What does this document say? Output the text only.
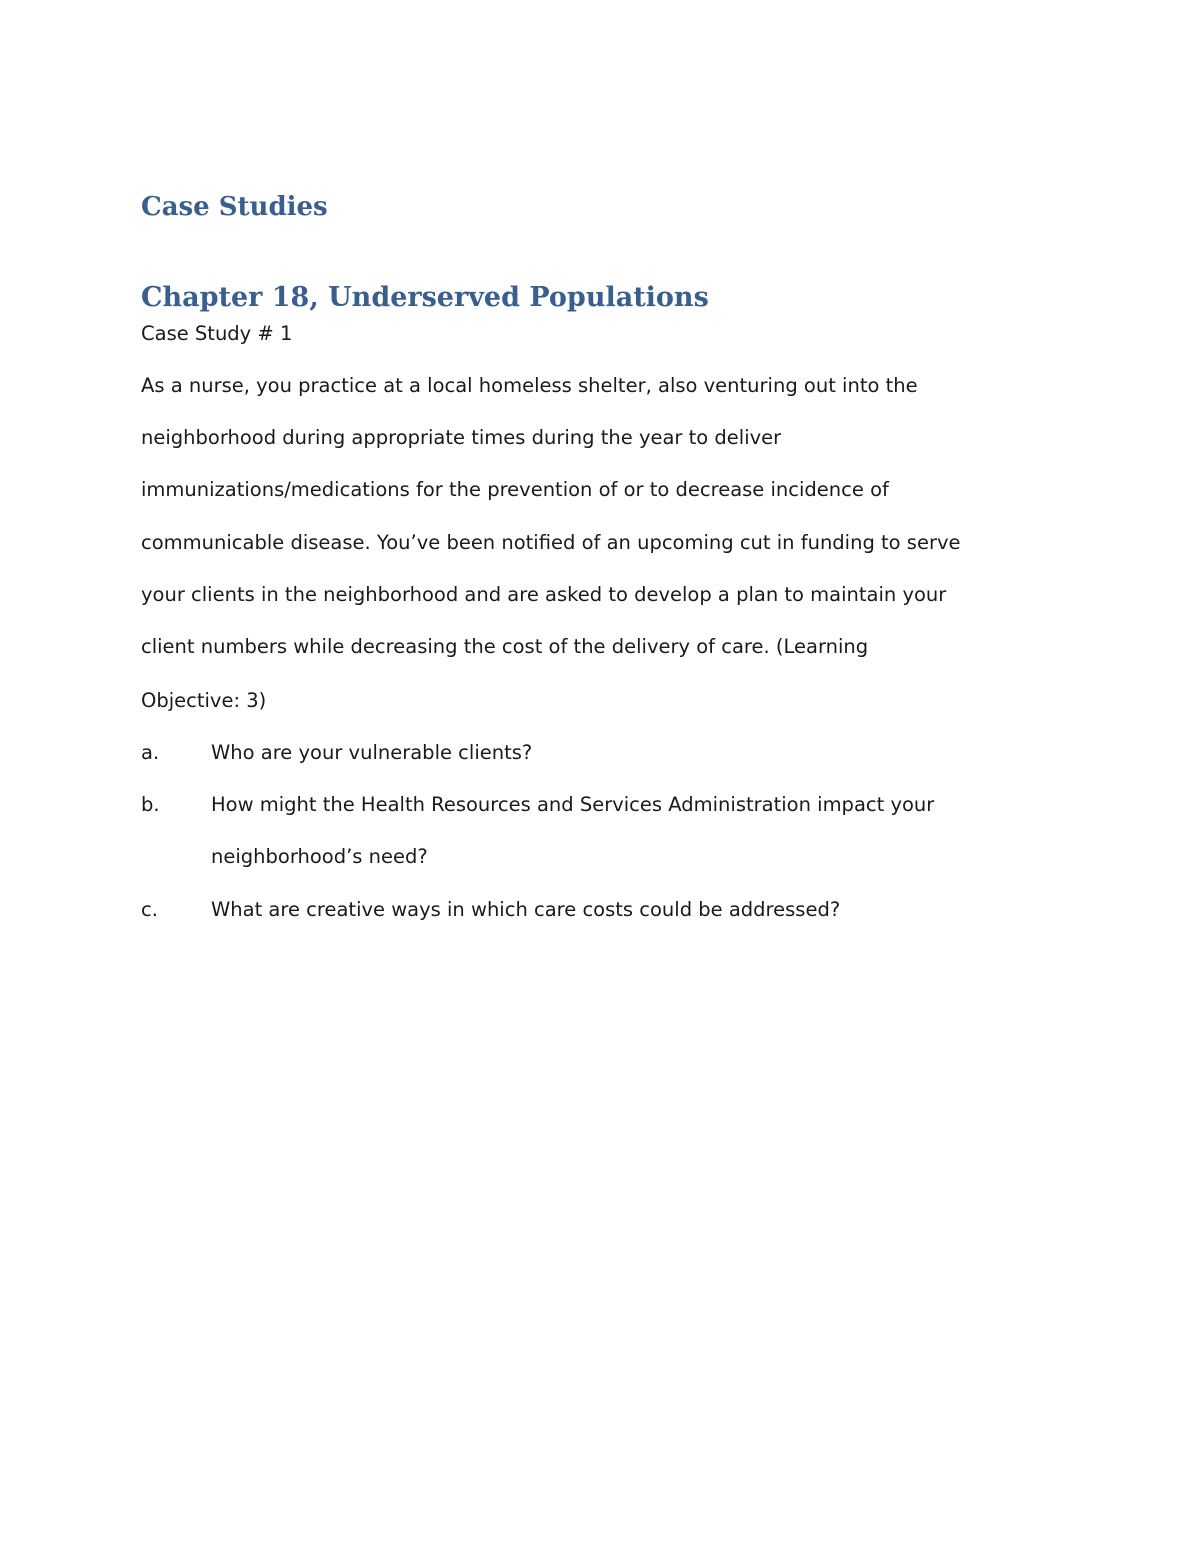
Case Studies
Chapter 18, Underserved Populations

Case Study # 1

As a nurse, you practice at a local homeless shelter, also venturing out into the

neighborhood during appropriate times during the year to deliver

immunizations/medications for the prevention of or to decrease incidence of

communicable disease. You’ve been notified of an upcoming cut in funding to serve

your clients in the neighborhood and are asked to develop a plan to maintain your

client numbers while decreasing the cost of the delivery of care. (Learning

Objective: 3)

a.	Who are your vulnerable clients?

b.	How might the Health Resources and Services Administration impact your

neighborhood’s need?

c.	What are creative ways in which care costs could be addressed?
